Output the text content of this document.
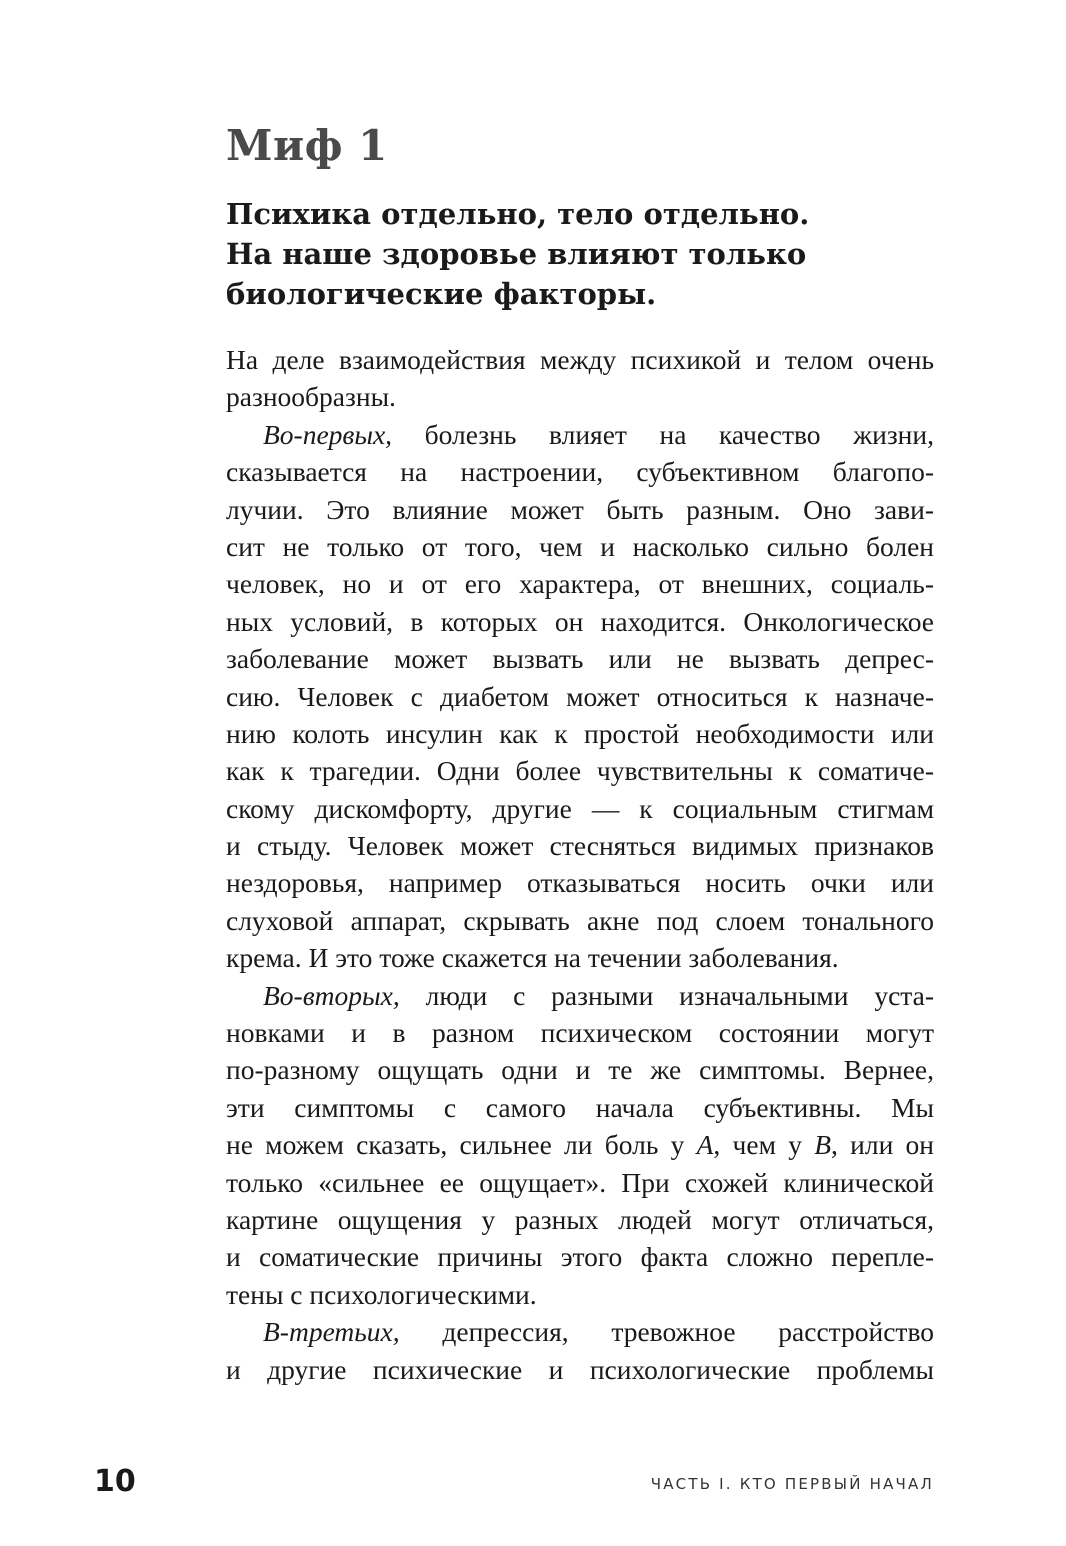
Миф 1
Психика отдельно, тело отдельно.
На наше здоровье влияют только
биологические факторы.
На деле взаимодействия между психикой и телом очень
разнообразны.
Во-первых, болезнь влияет на качество жизни,
сказывается на настроении, субъективном благопо-
лучии. Это влияние может быть разным. Оно зави-
сит не только от того, чем и насколько сильно болен
человек, но и от его характера, от внешних, социаль-
ных условий, в которых он находится. Онкологическое
заболевание может вызвать или не вызвать депрес-
сию. Человек с диабетом может относиться к назначе-
нию колоть инсулин как к простой необходимости или
как к трагедии. Одни более чувствительны к соматиче-
скому дискомфорту, другие — к социальным стигмам
и стыду. Человек может стесняться видимых признаков
нездоровья, например отказываться носить очки или
слуховой аппарат, скрывать акне под слоем тонального
крема. И это тоже скажется на течении заболевания.
Во-вторых, люди с разными изначальными уста-
новками и в разном психическом состоянии могут
по-разному ощущать одни и те же симптомы. Вернее,
эти симптомы с самого начала субъективны. Мы
не можем сказать, сильнее ли боль у A, чем у B, или он
только «сильнее ее ощущает». При схожей клинической
картине ощущения у разных людей могут отличаться,
и соматические причины этого факта сложно перепле-
тены с психологическими.
В-третьих, депрессия, тревожное расстройство
и другие психические и психологические проблемы
10	ЧАСТЬ I. КТО ПЕРВЫЙ НАЧАЛ
